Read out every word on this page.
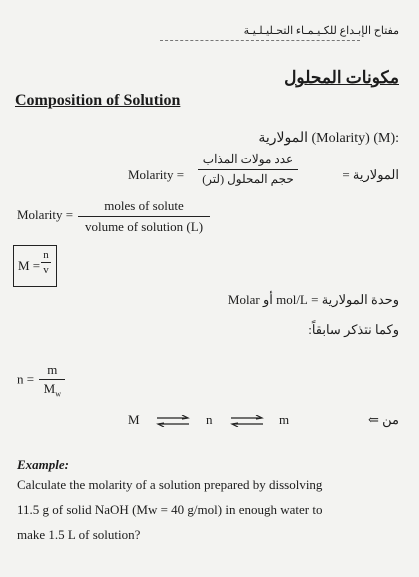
مفتاح الإبـداع للكـيـمـاء التحـليـلـيـة
مكونات المحلول
Composition of Solution
:(M) (Molarity) المولارية
المولارية =
عدد مولات المذاب
حجم المحلول (لتر)
Molarity =
Molarity =
moles of solute
volume of solution (L)
M =
n
v
وحدة المولارية = mol/L أو Molar
وكما نتذكر سابقاً:
$n = \frac{m}{M_w}$
M ⇌ n ⇌ m	من ⇐
Example:
Calculate the molarity of a solution prepared by dissolving
11.5 g of solid NaOH (Mw = 40 g/mol) in enough water to
make 1.5 L of solution?
